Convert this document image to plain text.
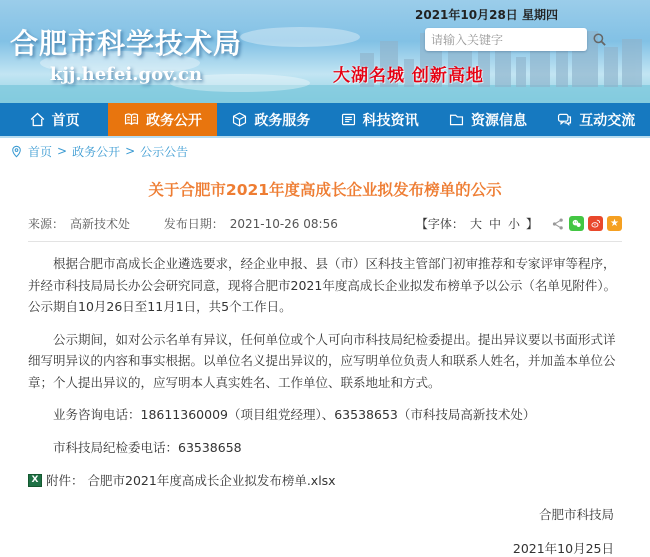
合肥市科学技术局
kjj.hefei.gov.cn
2021年10月28日 星期四
请输入关键字
大湖名城 创新高地
首页	政务公开	政务服务	科技资讯	资源信息	互动交流
首页 > 政务公开 > 公示公告
关于合肥市2021年度高成长企业拟发布榜单的公示
来源： 高新技术处	发布日期： 2021-10-26 08:56	【字体： 大 中 小 】	★

根据合肥市高成长企业遴选要求，经企业申报、县（市）区科技主管部门初审推荐和专家评审等程序，并经市科技局局长办公会研究同意，现将合肥市2021年度高成长企业拟发布榜单予以公示（名单见附件）。公示期自10月26日至11月1日，共5个工作日。

公示期间，如对公示名单有异议，任何单位或个人可向市科技局纪检委提出。提出异议要以书面形式详细写明异议的内容和事实根据。以单位名义提出异议的，应写明单位负责人和联系人姓名，并加盖本单位公章；个人提出异议的，应写明本人真实姓名、工作单位、联系地址和方式。

业务咨询电话：18611360009（项目组党经理）、63538653（市科技局高新技术处）

市科技局纪检委电话：63538658

X 附件： 合肥市2021年度高成长企业拟发布榜单.xlsx
合肥市科技局
2021年10月25日
